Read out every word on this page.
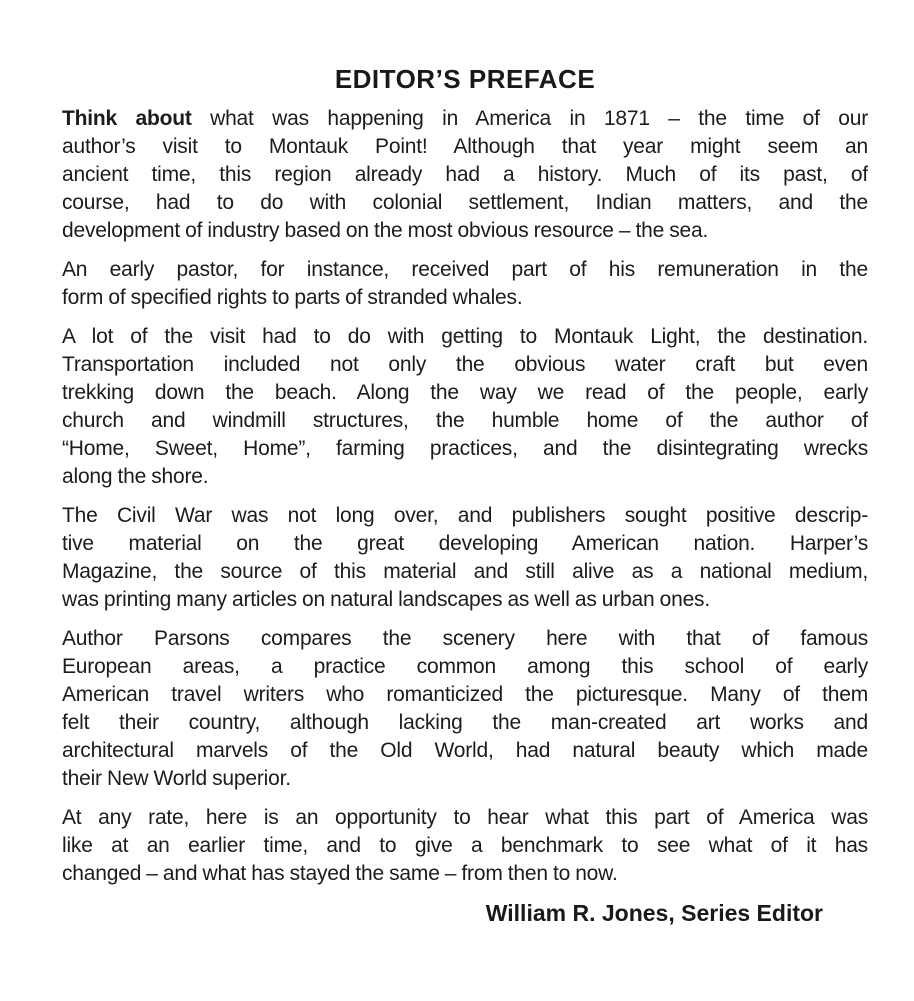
EDITOR’S PREFACE

Think about what was happening in America in 1871 – the time of our
author’s visit to Montauk Point! Although that year might seem an
ancient time, this region already had a history. Much of its past, of
course, had to do with colonial settlement, Indian matters, and the
development of industry based on the most obvious resource – the sea.

An early pastor, for instance, received part of his remuneration in the
form of specified rights to parts of stranded whales.

A lot of the visit had to do with getting to Montauk Light, the destination.
Transportation included not only the obvious water craft but even
trekking down the beach. Along the way we read of the people, early
church and windmill structures, the humble home of the author of
“Home, Sweet, Home”, farming practices, and the disintegrating wrecks
along the shore.

The Civil War was not long over, and publishers sought positive descrip-
tive material on the great developing American nation. Harper’s
Magazine, the source of this material and still alive as a national medium,
was printing many articles on natural landscapes as well as urban ones.

Author Parsons compares the scenery here with that of famous
European areas, a practice common among this school of early
American travel writers who romanticized the picturesque. Many of them
felt their country, although lacking the man-created art works and
architectural marvels of the Old World, had natural beauty which made
their New World superior.

At any rate, here is an opportunity to hear what this part of America was
like at an earlier time, and to give a benchmark to see what of it has
changed – and what has stayed the same – from then to now.

William R. Jones, Series Editor
